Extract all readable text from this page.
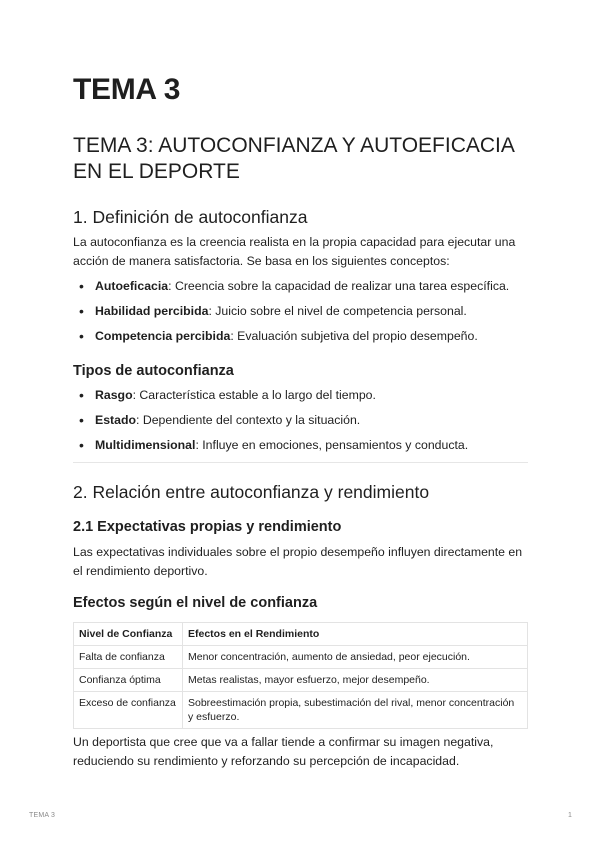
TEMA 3
TEMA 3: AUTOCONFIANZA Y AUTOEFICACIA EN EL DEPORTE
1. Definición de autoconfianza

La autoconfianza es la creencia realista en la propia capacidad para ejecutar una acción de manera satisfactoria. Se basa en los siguientes conceptos:

• Autoeficacia: Creencia sobre la capacidad de realizar una tarea específica.
• Habilidad percibida: Juicio sobre el nivel de competencia personal.
• Competencia percibida: Evaluación subjetiva del propio desempeño.
Tipos de autoconfianza
• Rasgo: Característica estable a lo largo del tiempo.
• Estado: Dependiente del contexto y la situación.
• Multidimensional: Influye en emociones, pensamientos y conducta.
2. Relación entre autoconfianza y rendimiento
2.1 Expectativas propias y rendimiento

Las expectativas individuales sobre el propio desempeño influyen directamente en el rendimiento deportivo.

Efectos según el nivel de confianza
Nivel de Confianza	Efectos en el Rendimiento
Falta de confianza	Menor concentración, aumento de ansiedad, peor ejecución.
Confianza óptima	Metas realistas, mayor esfuerzo, mejor desempeño.
Exceso de confianza	Sobreestimación propia, subestimación del rival, menor concentración y esfuerzo.

Un deportista que cree que va a fallar tiende a confirmar su imagen negativa, reduciendo su rendimiento y reforzando su percepción de incapacidad.

TEMA 3	1
